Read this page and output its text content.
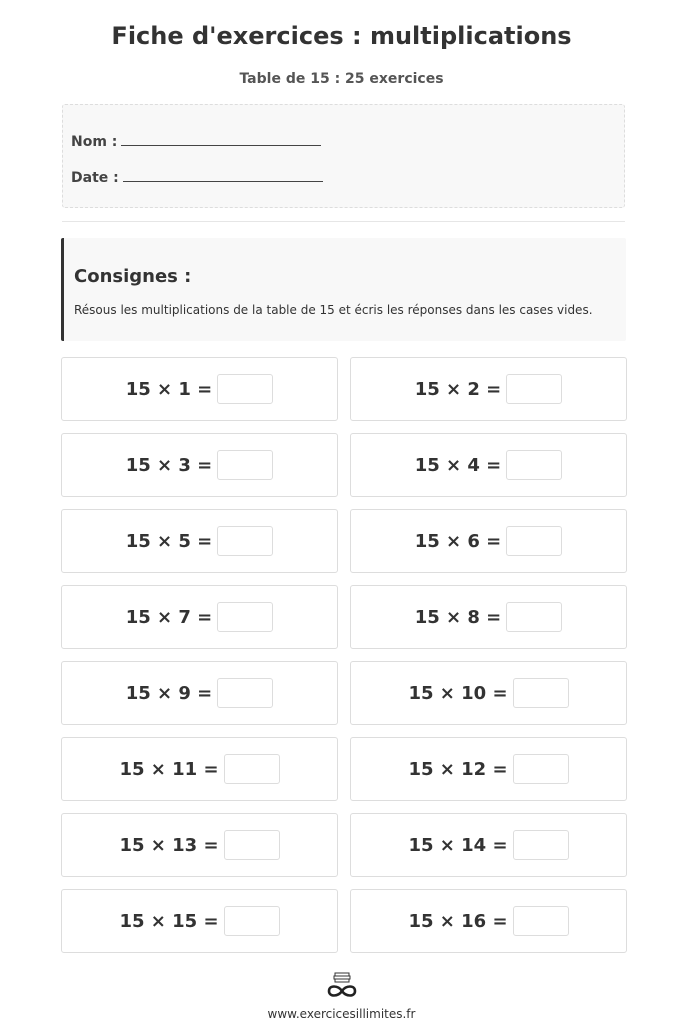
Fiche d'exercices : multiplications
Table de 15 : 25 exercices
Nom :
Date :
Consignes :
Résous les multiplications de la table de 15 et écris les réponses dans les cases vides.
15 × 1 =	15 × 2 =
15 × 3 =	15 × 4 =
15 × 5 =	15 × 6 =
15 × 7 =	15 × 8 =
15 × 9 =	15 × 10 =
15 × 11 =	15 × 12 =
15 × 13 =	15 × 14 =
15 × 15 =	15 × 16 =
www.exercicesillimites.fr
